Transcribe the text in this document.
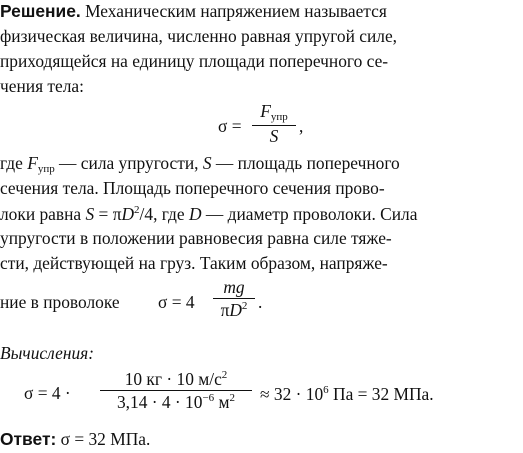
Решение. Механическим напряжением называется
физическая величина, численно равная упругой силе,
приходящейся на единицу площади поперечного се-
чения тела:
σ =
$F_{упр}$
S	,
где $F_{упр}$ — сила упругости, S — площадь поперечного
сечения тела. Площадь поперечного сечения прово-
локи равна $S = \pi D^2/4$, где D — диаметр проволоки. Сила
упругости в положении равновесия равна силе тяже-
сти, действующей на груз. Таким образом, напряже-
ние в проволоке σ = 4
mg
$\pi D^2$ .
Вычисления:
σ = 4 ·
10 кг · 10 $м/с^2$
$3,14 \cdot 4 \cdot 10^{-6}$ $м^2$	≈ $32 \cdot 10^6$ Па = 32 МПа.
Ответ: σ = 32 МПа.
